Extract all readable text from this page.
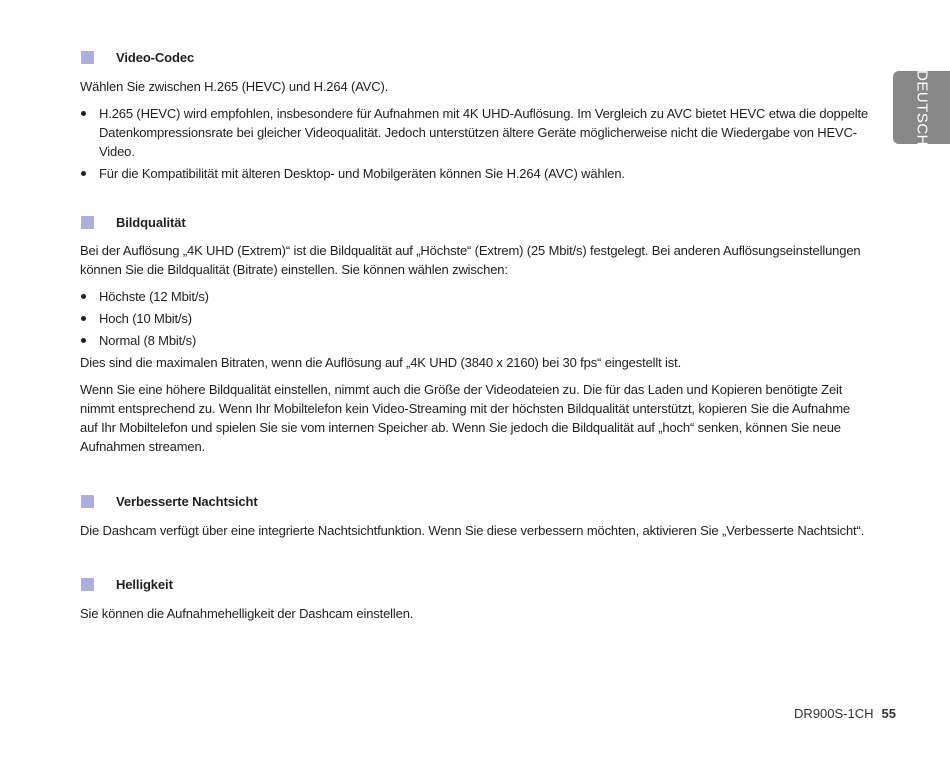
DEUTSCH
Video-Codec

Wählen Sie zwischen H.265 (HEVC) und H.264 (AVC).

H.265 (HEVC) wird empfohlen, insbesondere für Aufnahmen mit 4K UHD-Auflösung. Im Vergleich zu AVC bietet HEVC etwa die doppelte Datenkompressionsrate bei gleicher Videoqualität. Jedoch unterstützen ältere Geräte möglicherweise nicht die Wiedergabe von HEVC-Video.
Für die Kompatibilität mit älteren Desktop- und Mobilgeräten können Sie H.264 (AVC) wählen.
Bildqualität

Bei der Auflösung „4K UHD (Extrem)“ ist die Bildqualität auf „Höchste“ (Extrem) (25 Mbit/s) festgelegt. Bei anderen Auflösungseinstellungen können Sie die Bildqualität (Bitrate) einstellen. Sie können wählen zwischen:

Höchste (12 Mbit/s)
Hoch (10 Mbit/s)
Normal (8 Mbit/s)

Dies sind die maximalen Bitraten, wenn die Auflösung auf „4K UHD (3840 x 2160) bei 30 fps“ eingestellt ist.

Wenn Sie eine höhere Bildqualität einstellen, nimmt auch die Größe der Videodateien zu. Die für das Laden und Kopieren benötigte Zeit nimmt entsprechend zu. Wenn Ihr Mobiltelefon kein Video-Streaming mit der höchsten Bildqualität unterstützt, kopieren Sie die Aufnahme auf Ihr Mobiltelefon und spielen Sie sie vom internen Speicher ab. Wenn Sie jedoch die Bildqualität auf „hoch“ senken, können Sie neue Aufnahmen streamen.

Verbesserte Nachtsicht

Die Dashcam verfügt über eine integrierte Nachtsichtfunktion. Wenn Sie diese verbessern möchten, aktivieren Sie „Verbesserte Nachtsicht“.

Helligkeit

Sie können die Aufnahmehelligkeit der Dashcam einstellen.

DR900S-1CH 55
